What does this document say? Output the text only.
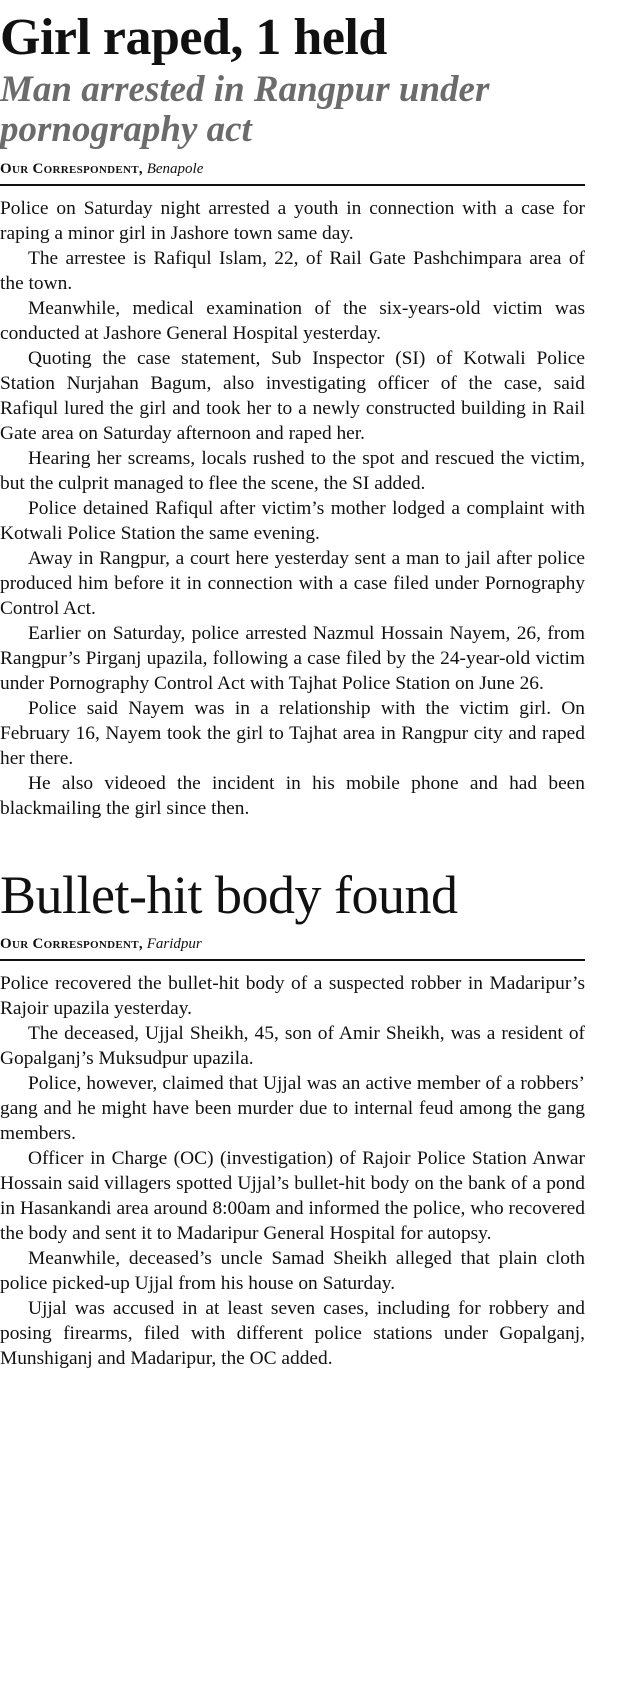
Girl raped, 1 held
Man arrested in Rangpur under pornography act
Our Correspondent, Benapole

Police on Saturday night arrested a youth in connection with a case for raping a minor girl in Jashore town same day.

The arrestee is Rafiqul Islam, 22, of Rail Gate Pashchimpara area of the town.

Meanwhile, medical examination of the six-years-old victim was conducted at Jashore General Hospital yesterday.

Quoting the case statement, Sub Inspector (SI) of Kotwali Police Station Nurjahan Bagum, also investigating officer of the case, said Rafiqul lured the girl and took her to a newly constructed building in Rail Gate area on Saturday afternoon and raped her.

Hearing her screams, locals rushed to the spot and rescued the victim, but the culprit managed to flee the scene, the SI added.

Police detained Rafiqul after victim’s mother lodged a complaint with Kotwali Police Station the same evening.

Away in Rangpur, a court here yesterday sent a man to jail after police produced him before it in connection with a case filed under Pornography Control Act.

Earlier on Saturday, police arrested Nazmul Hossain Nayem, 26, from Rangpur’s Pirganj upazila, following a case filed by the 24-year-old victim under Pornography Control Act with Tajhat Police Station on June 26.

Police said Nayem was in a relationship with the victim girl. On February 16, Nayem took the girl to Tajhat area in Rangpur city and raped her there.

He also videoed the incident in his mobile phone and had been blackmailing the girl since then.

Bullet-hit body found
Our Correspondent, Faridpur

Police recovered the bullet-hit body of a suspected robber in Madaripur’s Rajoir upazila yesterday.

The deceased, Ujjal Sheikh, 45, son of Amir Sheikh, was a resident of Gopalganj’s Muksudpur upazila.

Police, however, claimed that Ujjal was an active member of a robbers’ gang and he might have been murder due to internal feud among the gang members.

Officer in Charge (OC) (investigation) of Rajoir Police Station Anwar Hossain said villagers spotted Ujjal’s bullet-hit body on the bank of a pond in Hasankandi area around 8:00am and informed the police, who recovered the body and sent it to Madaripur General Hospital for autopsy.

Meanwhile, deceased’s uncle Samad Sheikh alleged that plain cloth police picked-up Ujjal from his house on Saturday.

Ujjal was accused in at least seven cases, including for robbery and posing firearms, filed with different police stations under Gopalganj, Munshiganj and Madaripur, the OC added.
